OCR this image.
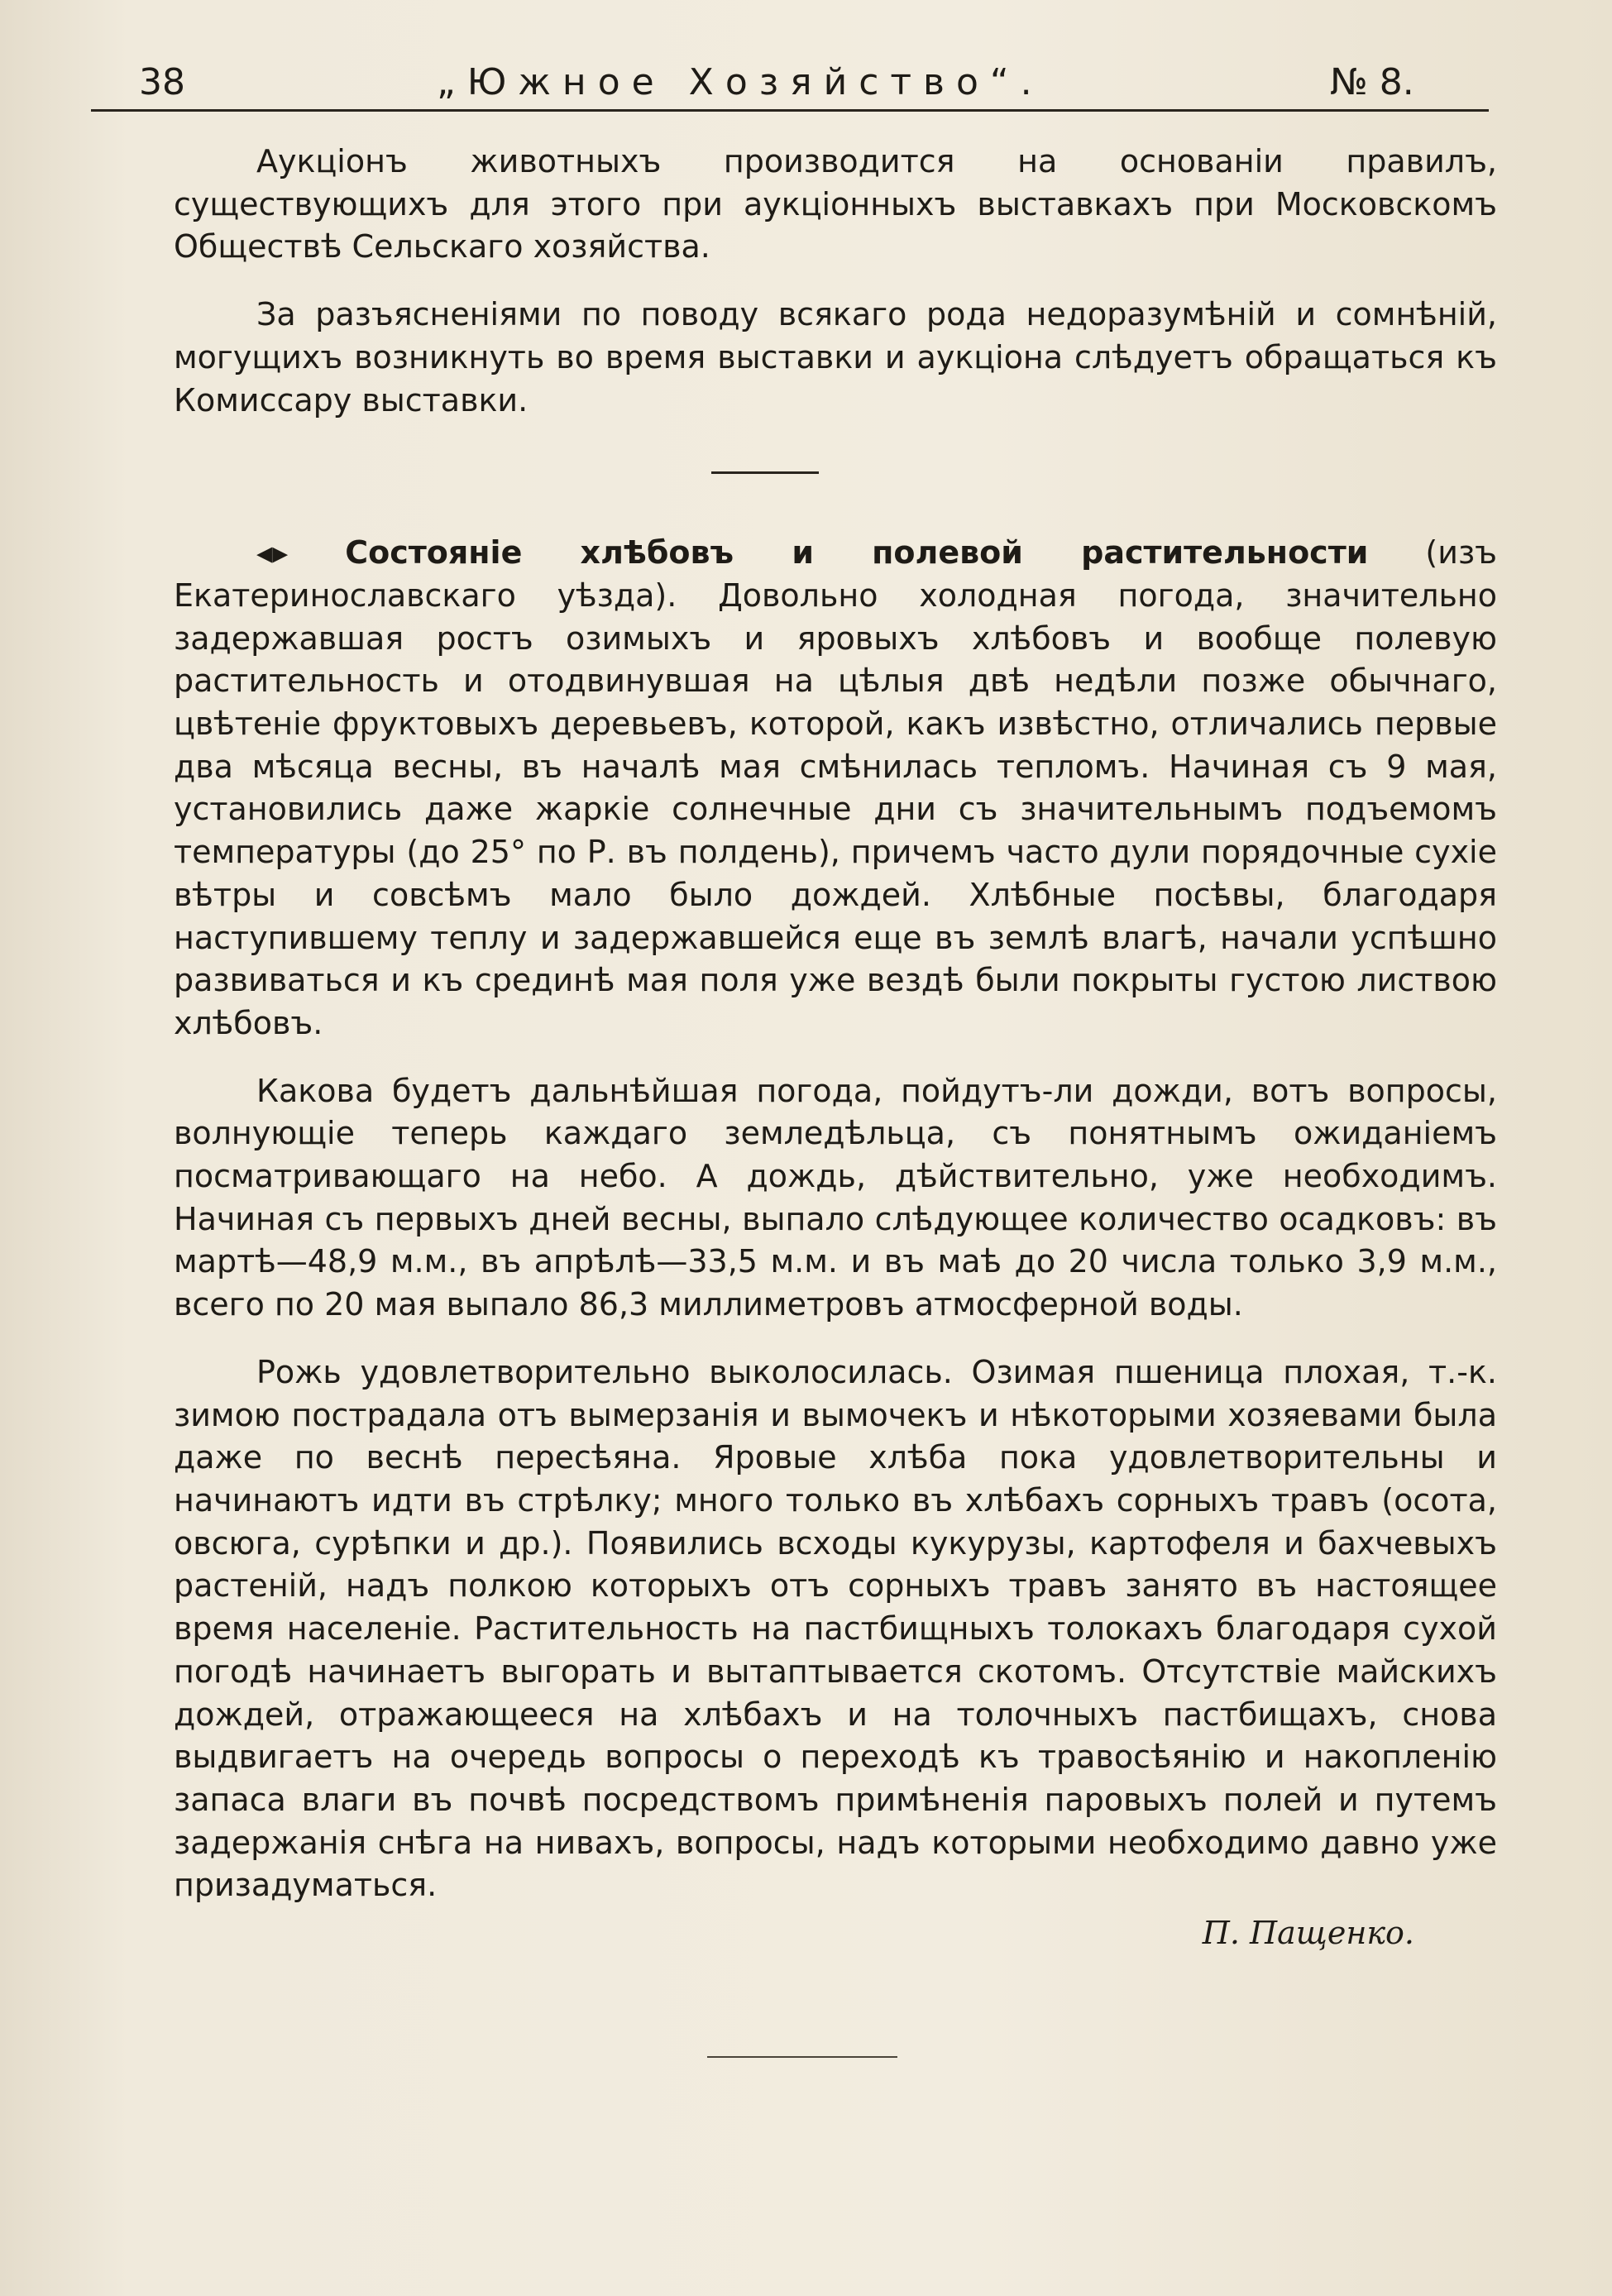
38	„Южное Хозяйство“.	№ 8.

Аукціонъ животныхъ производится на основаніи правилъ, существующихъ для этого при аукціонныхъ выставкахъ при Московскомъ Обществѣ Сельскаго хозяйства.

За разъясненіями по поводу всякаго рода недоразумѣній и сомнѣній, могущихъ возникнуть во время выставки и аукціона слѣдуетъ обращаться къ Комиссару выставки.

◂▸ Состояніе хлѣбовъ и полевой растительности (изъ Екатеринославскаго уѣзда). Довольно холодная погода, значительно задержавшая ростъ озимыхъ и яровыхъ хлѣбовъ и вообще полевую растительность и отодвинувшая на цѣлыя двѣ недѣли позже обычнаго, цвѣтеніе фруктовыхъ деревьевъ, которой, какъ извѣстно, отличались первые два мѣсяца весны, въ началѣ мая смѣнилась тепломъ. Начиная съ 9 мая, установились даже жаркіе солнечные дни съ значительнымъ подъемомъ температуры (до 25° по Р. въ полдень), причемъ часто дули порядочные сухіе вѣтры и совсѣмъ мало было дождей. Хлѣбные посѣвы, благодаря наступившему теплу и задержавшейся еще въ землѣ влагѣ, начали успѣшно развиваться и къ срединѣ мая поля уже вездѣ были покрыты густою листвою хлѣбовъ.

Какова будетъ дальнѣйшая погода, пойдутъ-ли дожди, вотъ вопросы, волнующіе теперь каждаго земледѣльца, съ понятнымъ ожиданіемъ посматривающаго на небо. А дождь, дѣйствительно, уже необходимъ. Начиная съ первыхъ дней весны, выпало слѣдующее количество осадковъ: въ мартѣ—48,9 м.м., въ апрѣлѣ—33,5 м.м. и въ маѣ до 20 числа только 3,9 м.м., всего по 20 мая выпало 86,3 миллиметровъ атмосферной воды.

Рожь удовлетворительно выколосилась. Озимая пшеница плохая, т.-к. зимою пострадала отъ вымерзанія и вымочекъ и нѣкоторыми хозяевами была даже по веснѣ пересѣяна. Яровые хлѣба пока удовлетворительны и начинаютъ идти въ стрѣлку; много только въ хлѣбахъ сорныхъ травъ (осота, овсюга, сурѣпки и др.). Появились всходы кукурузы, картофеля и бахчевыхъ растеній, надъ полкою которыхъ отъ сорныхъ травъ занято въ настоящее время населеніе. Растительность на пастбищныхъ толокахъ благодаря сухой погодѣ начинаетъ выгорать и вытаптывается скотомъ. Отсутствіе майскихъ дождей, отражающееся на хлѣбахъ и на толочныхъ пастбищахъ, снова выдвигаетъ на очередь вопросы о переходѣ къ травосѣянію и накопленію запаса влаги въ почвѣ посредствомъ примѣненія паровыхъ полей и путемъ задержанія снѣга на нивахъ, вопросы, надъ которыми необходимо давно уже призадуматься.

П. Пащенко.
